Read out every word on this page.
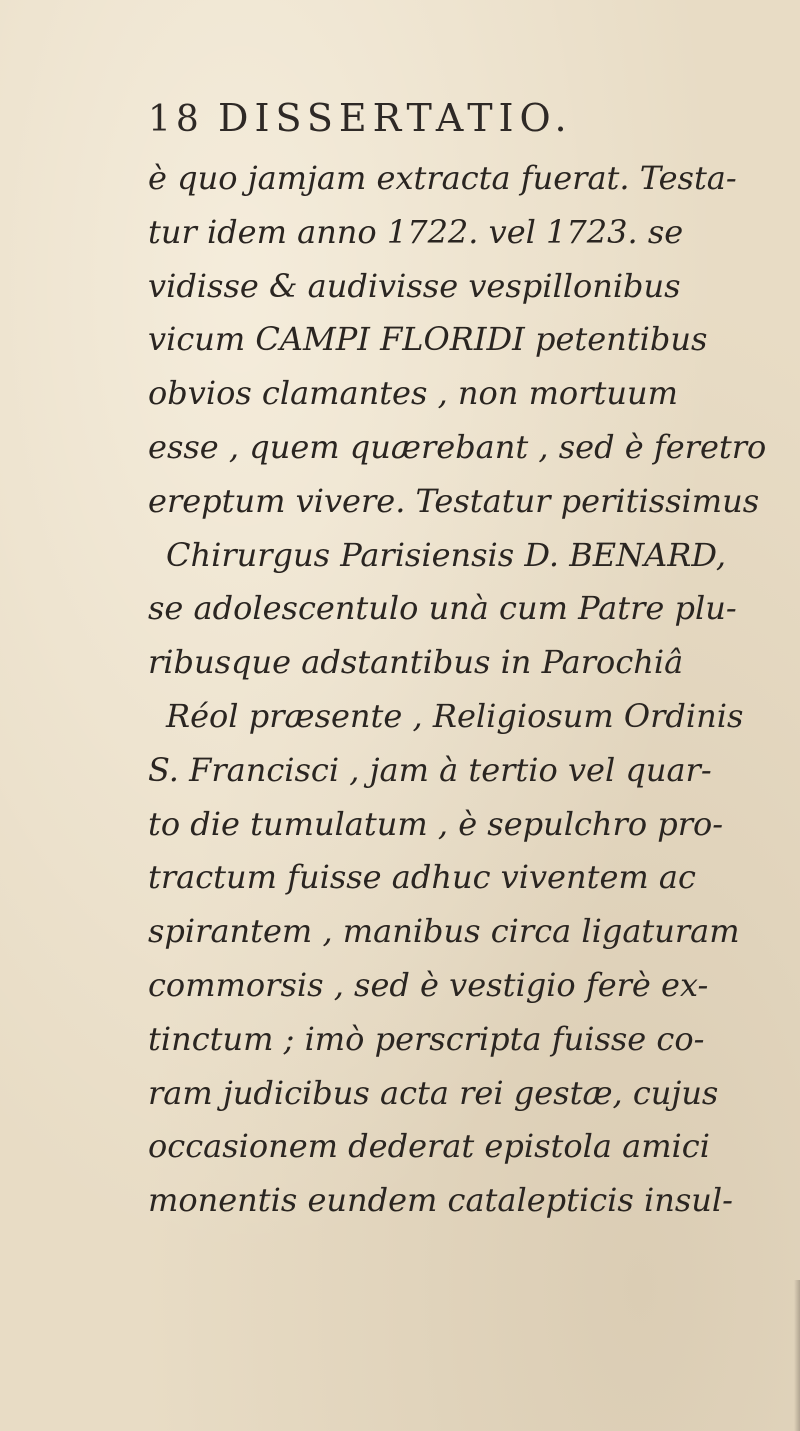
18 DISSERTATIO.
è quo jamjam extracta fuerat. Testa-
tur idem anno 1722. vel 1723. se
vidisse & audivisse vespillonibus
vicum CAMPI FLORIDI petentibus
obvios clamantes , non mortuum
esse , quem quærebant , sed è feretro
ereptum vivere. Testatur peritissimus
Chirurgus Parisiensis D. BENARD,
se adolescentulo unà cum Patre plu-
ribusque adstantibus in Parochiâ
Réol præsente , Religiosum Ordinis
S. Francisci , jam à tertio vel quar-
to die tumulatum , è sepulchro pro-
tractum fuisse adhuc viventem ac
spirantem , manibus circa ligaturam
commorsis , sed è vestigio ferè ex-
tinctum ; imò perscripta fuisse co-
ram judicibus acta rei gestæ, cujus
occasionem dederat epistola amici
monentis eundem catalepticis insul-
